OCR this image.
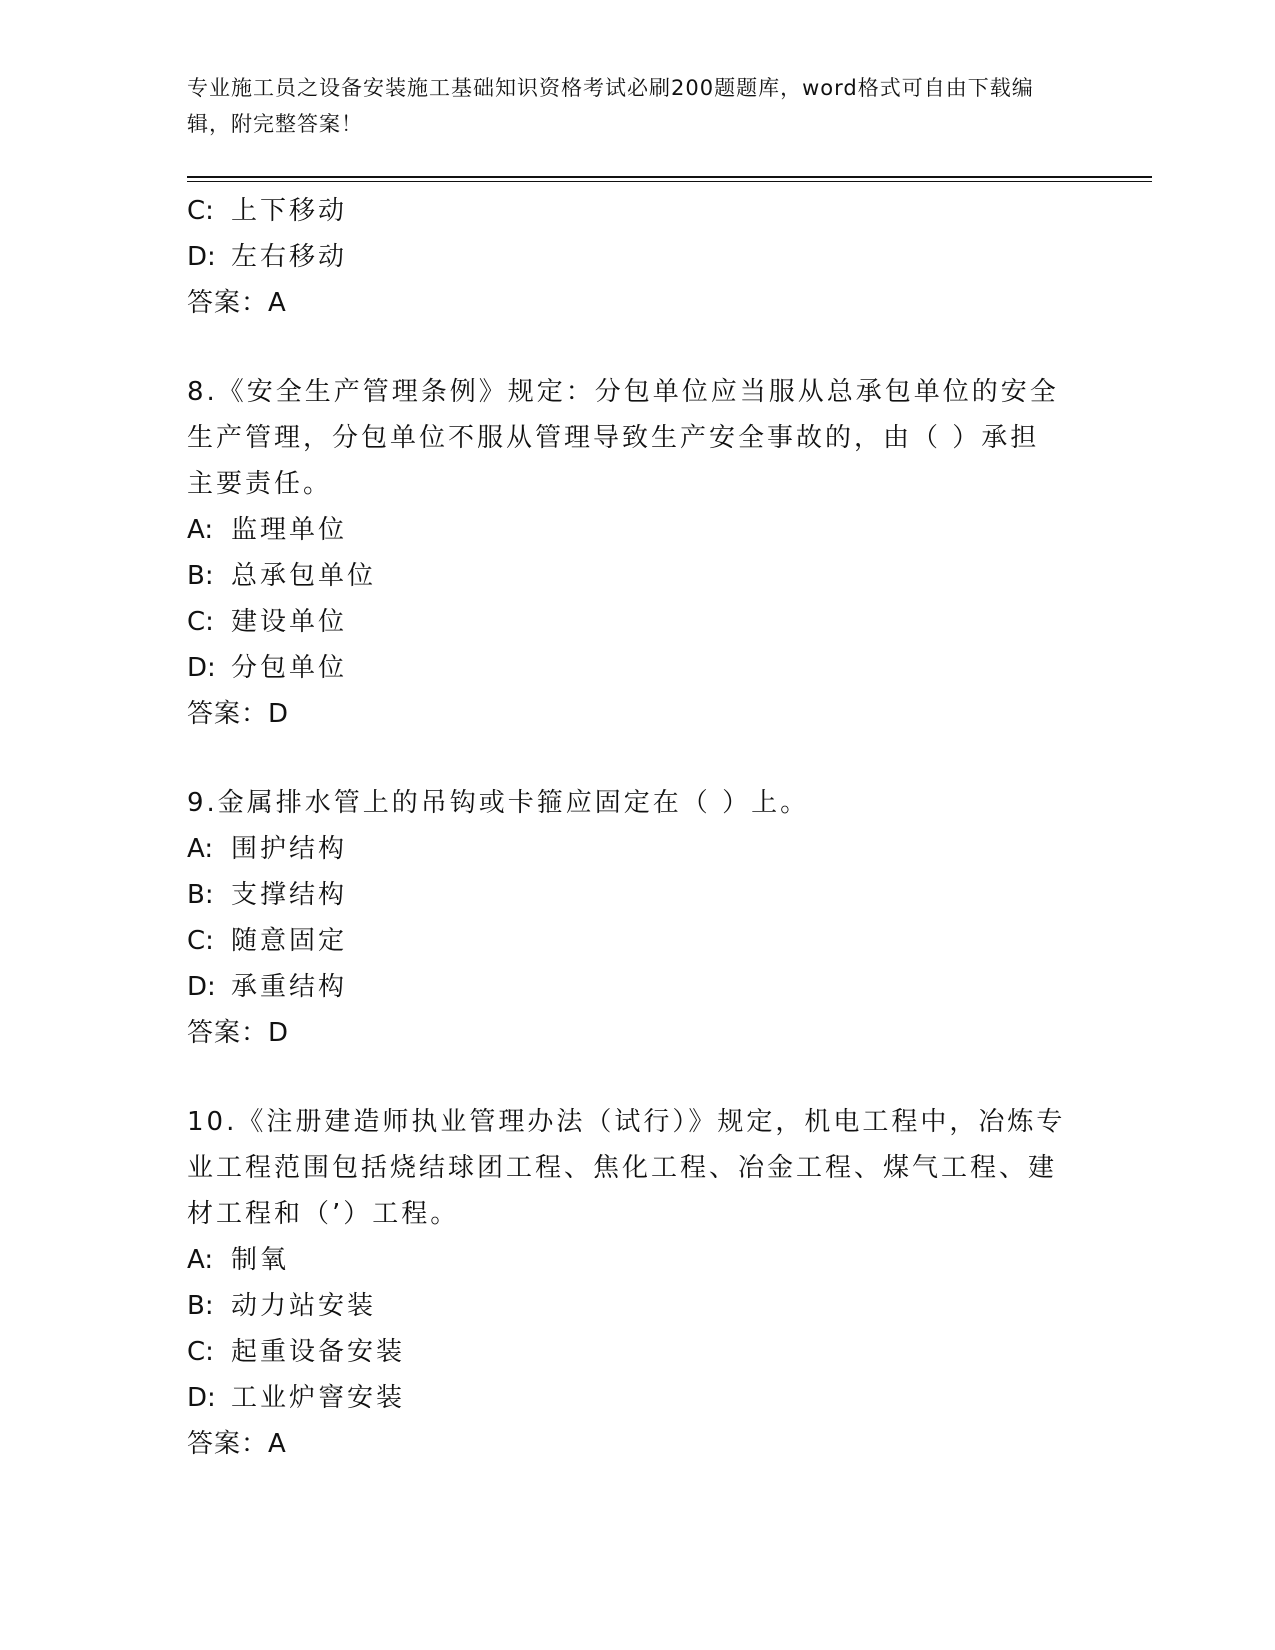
专业施工员之设备安装施工基础知识资格考试必刷200题题库，word格式可自由下载编辑，附完整答案！
C: 上下移动
D: 左右移动
答案：A
8.《安全生产管理条例》规定：分包单位应当服从总承包单位的安全生产管理，分包单位不服从管理导致生产安全事故的，由（ ）承担主要责任。
A: 监理单位
B: 总承包单位
C: 建设单位
D: 分包单位
答案：D
9.金属排水管上的吊钩或卡箍应固定在（ ）上。
A: 围护结构
B: 支撑结构
C: 随意固定
D: 承重结构
答案：D
10.《注册建造师执业管理办法（试行）》规定，机电工程中，冶炼专业工程范围包括烧结球团工程、焦化工程、冶金工程、煤气工程、建材工程和（’）工程。
A: 制氧
B: 动力站安装
C: 起重设备安装
D: 工业炉窨安装
答案：A
